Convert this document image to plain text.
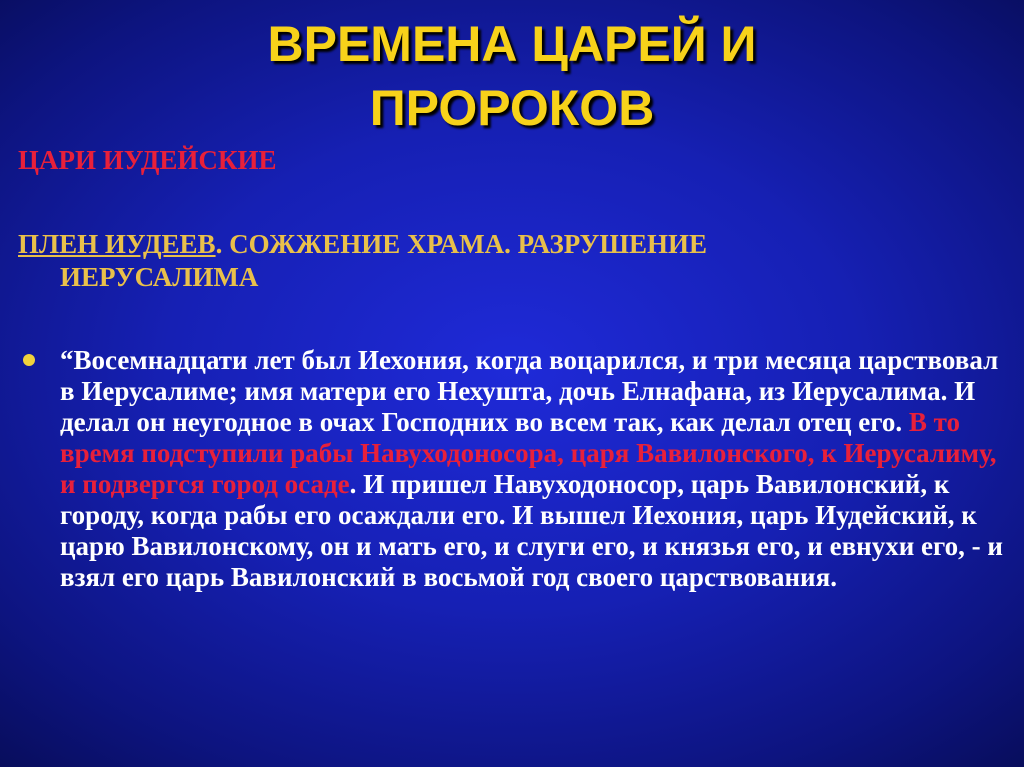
ВРЕМЕНА ЦАРЕЙ И
ПРОРОКОВ
ЦАРИ ИУДЕЙСКИЕ
ПЛЕН ИУДЕЕВ. СОЖЖЕНИЕ ХРАМА. РАЗРУШЕНИЕ
ИЕРУСАЛИМА
“Восемнадцати лет был Иехония, когда воцарился, и три месяца царствовал в Иерусалиме; имя матери его Нехушта, дочь Елнафана, из Иерусалима. И делал он неугодное в очах Господних во всем так, как делал отец его. В то время подступили рабы Навуходоносора, царя Вавилонского, к Иерусалиму, и подвергся город осаде. И пришел Навуходоносор, царь Вавилонский, к городу, когда рабы его осаждали его. И вышел Иехония, царь Иудейский, к царю Вавилонскому, он и мать его, и слуги его, и князья его, и евнухи его, - и взял его царь Вавилонский в восьмой год своего царствования.
